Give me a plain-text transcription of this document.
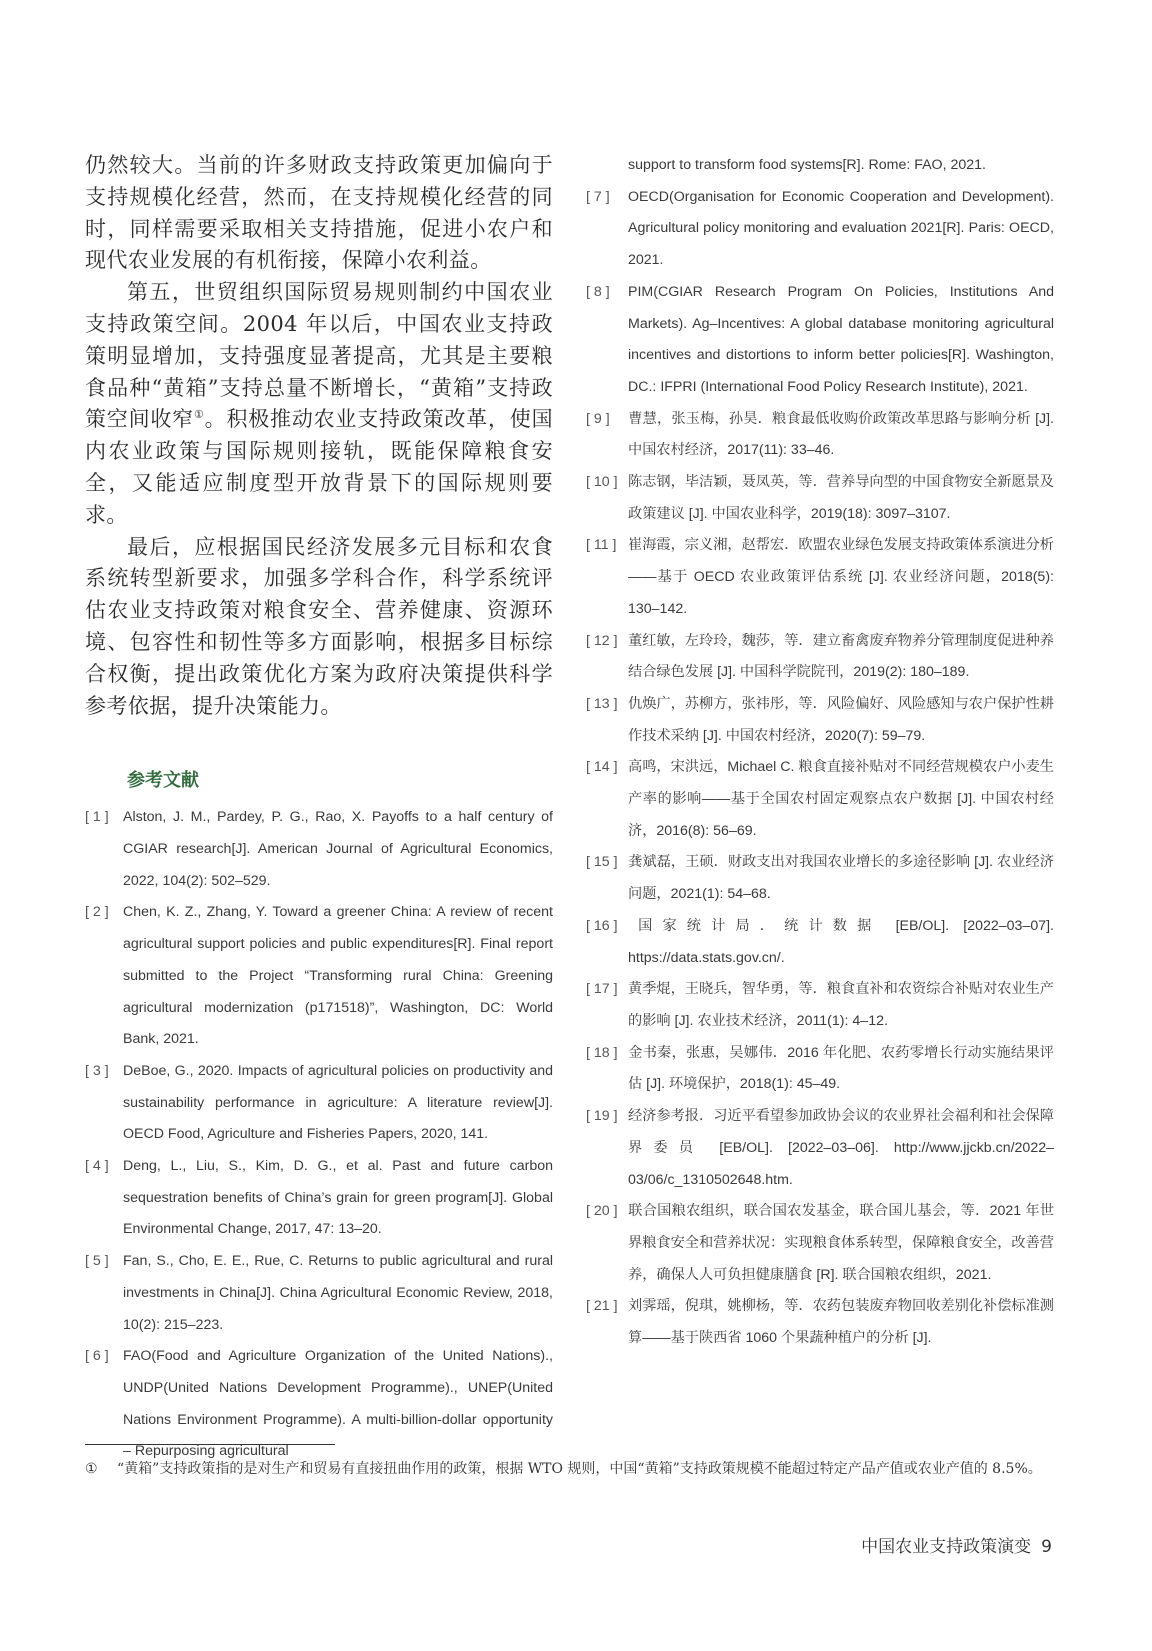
仍然较大。当前的许多财政支持政策更加偏向于支持规模化经营，然而，在支持规模化经营的同时，同样需要采取相关支持措施，促进小农户和现代农业发展的有机衔接，保障小农利益。

第五，世贸组织国际贸易规则制约中国农业支持政策空间。2004 年以后，中国农业支持政策明显增加，支持强度显著提高，尤其是主要粮食品种“黄箱”支持总量不断增长，“黄箱”支持政策空间收窄①。积极推动农业支持政策改革，使国内农业政策与国际规则接轨，既能保障粮食安全，又能适应制度型开放背景下的国际规则要求。

最后，应根据国民经济发展多元目标和农食系统转型新要求，加强多学科合作，科学系统评估农业支持政策对粮食安全、营养健康、资源环境、包容性和韧性等多方面影响，根据多目标综合权衡，提出政策优化方案为政府决策提供科学参考依据，提升决策能力。

参考文献

[ 1 ] Alston, J. M., Pardey, P. G., Rao, X. Payoffs to a half century of CGIAR research[J]. American Journal of Agricultural Economics, 2022, 104(2): 502–529.

[ 2 ] Chen, K. Z., Zhang, Y. Toward a greener China: A review of recent agricultural support policies and public expenditures[R]. Final report submitted to the Project “Transforming rural China: Greening agricultural modernization (p171518)”, Washington, DC: World Bank, 2021.

[ 3 ] DeBoe, G., 2020. Impacts of agricultural policies on productivity and sustainability performance in agriculture: A literature review[J]. OECD Food, Agriculture and Fisheries Papers, 2020, 141.

[ 4 ] Deng, L., Liu, S., Kim, D. G., et al. Past and future carbon sequestration benefits of China’s grain for green program[J]. Global Environmental Change, 2017, 47: 13–20.

[ 5 ] Fan, S., Cho, E. E., Rue, C. Returns to public agricultural and rural investments in China[J]. China Agricultural Economic Review, 2018, 10(2): 215–223.

[ 6 ] FAO(Food and Agriculture Organization of the United Nations)., UNDP(United Nations Development Programme)., UNEP(United Nations Environment Programme). A multi-billion-dollar opportunity – Repurposing agricultural

support to transform food systems[R]. Rome: FAO, 2021.

[ 7 ] OECD(Organisation for Economic Cooperation and Development). Agricultural policy monitoring and evaluation 2021[R]. Paris: OECD, 2021.

[ 8 ] PIM(CGIAR Research Program On Policies, Institutions And Markets). Ag–Incentives: A global database monitoring agricultural incentives and distortions to inform better policies[R]. Washington, DC.: IFPRI (International Food Policy Research Institute), 2021.

[ 9 ] 曹慧，张玉梅，孙昊．粮食最低收购价政策改革思路与影响分析 [J]. 中国农村经济，2017(11): 33–46.

[ 10 ] 陈志钢，毕洁颖，聂凤英，等．营养导向型的中国食物安全新愿景及政策建议 [J]. 中国农业科学，2019(18): 3097–3107.

[ 11 ] 崔海霞，宗义湘，赵帮宏．欧盟农业绿色发展支持政策体系演进分析——基于 OECD 农业政策评估系统 [J]. 农业经济问题，2018(5): 130–142.

[ 12 ] 董红敏，左玲玲，魏莎，等．建立畜禽废弃物养分管理制度促进种养结合绿色发展 [J]. 中国科学院院刊，2019(2): 180–189.

[ 13 ] 仇焕广，苏柳方，张祎彤，等．风险偏好、风险感知与农户保护性耕作技术采纳 [J]. 中国农村经济，2020(7): 59–79.

[ 14 ] 高鸣，宋洪远，Michael C. 粮食直接补贴对不同经营规模农户小麦生产率的影响——基于全国农村固定观察点农户数据 [J]. 中国农村经济，2016(8): 56–69.

[ 15 ] 龚斌磊，王硕．财政支出对我国农业增长的多途径影响 [J]. 农业经济问题，2021(1): 54–68.

[ 16 ] 国家统计局．统计数据 [EB/OL]. [2022–03–07]. https://data.stats.gov.cn/.

[ 17 ] 黄季焜，王晓兵，智华勇，等．粮食直补和农资综合补贴对农业生产的影响 [J]. 农业技术经济，2011(1): 4–12.

[ 18 ] 金书秦，张惠，吴娜伟．2016 年化肥、农药零增长行动实施结果评估 [J]. 环境保护，2018(1): 45–49.

[ 19 ] 经济参考报．习近平看望参加政协会议的农业界社会福利和社会保障界委员 [EB/OL]. [2022–03–06]. http://www.jjckb.cn/2022–03/06/c_1310502648.htm.

[ 20 ] 联合国粮农组织，联合国农发基金，联合国儿基会，等．2021 年世界粮食安全和营养状况：实现粮食体系转型，保障粮食安全，改善营养，确保人人可负担健康膳食 [R]. 联合国粮农组织，2021.

[ 21 ] 刘霁瑶，倪琪，姚柳杨，等．农药包装废弃物回收差别化补偿标准测算——基于陕西省 1060 个果蔬种植户的分析 [J].

① “黄箱”支持政策指的是对生产和贸易有直接扭曲作用的政策，根据 WTO 规则，中国“黄箱”支持政策规模不能超过特定产品产值或农业产值的 8.5%。
中国农业支持政策演变 9
